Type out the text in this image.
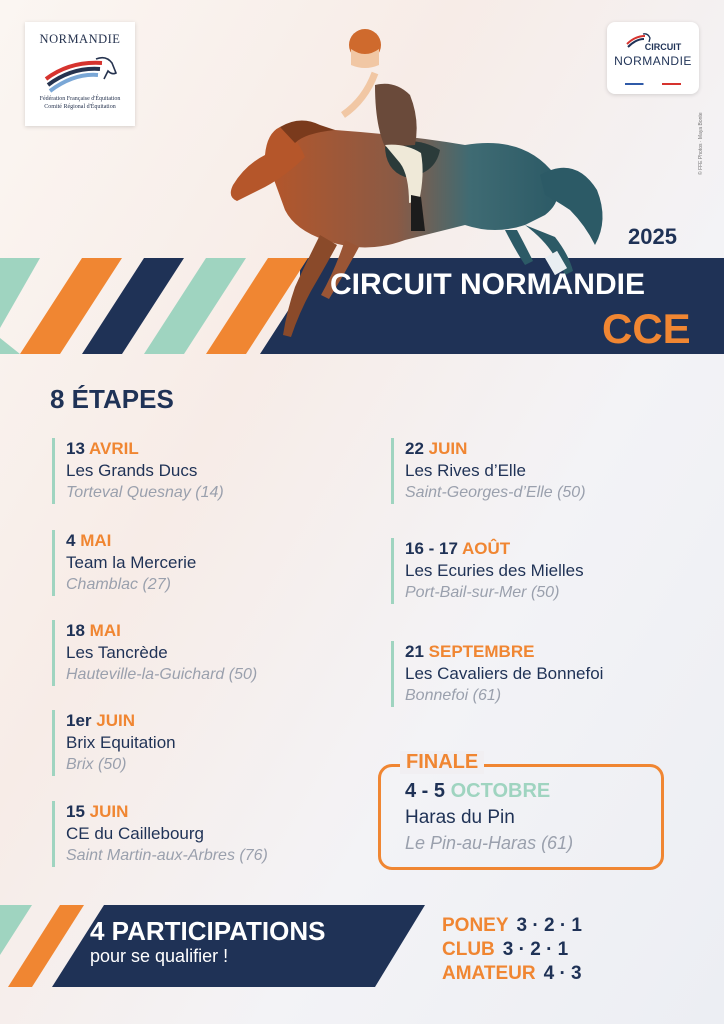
NORMANDIE
Fédération Française d'Équitation
Comité Régional d'Équitation
CIRCUIT
NORMANDIE
© FFE Photos · Maya Bonte
2025
CIRCUIT NORMANDIE
CCE
8 ÉTAPES
13 AVRIL
Les Grands Ducs
Torteval Quesnay (14)
4 MAI
Team la Mercerie
Chamblac (27)
18 MAI
Les Tancrède
Hauteville-la-Guichard (50)
1er JUIN
Brix Equitation
Brix (50)
15 JUIN
CE du Caillebourg
Saint Martin-aux-Arbres (76)
22 JUIN
Les Rives d’Elle
Saint-Georges-d’Elle (50)
16 - 17 AOÛT
Les Ecuries des Mielles
Port-Bail-sur-Mer (50)
21 SEPTEMBRE
Les Cavaliers de Bonnefoi
Bonnefoi (61)
FINALE
4 - 5 OCTOBRE
Haras du Pin
Le Pin-au-Haras (61)
4 PARTICIPATIONS
pour se qualifier !
PONEY 3 · 2 · 1
CLUB 3 · 2 · 1
AMATEUR 4 · 3
